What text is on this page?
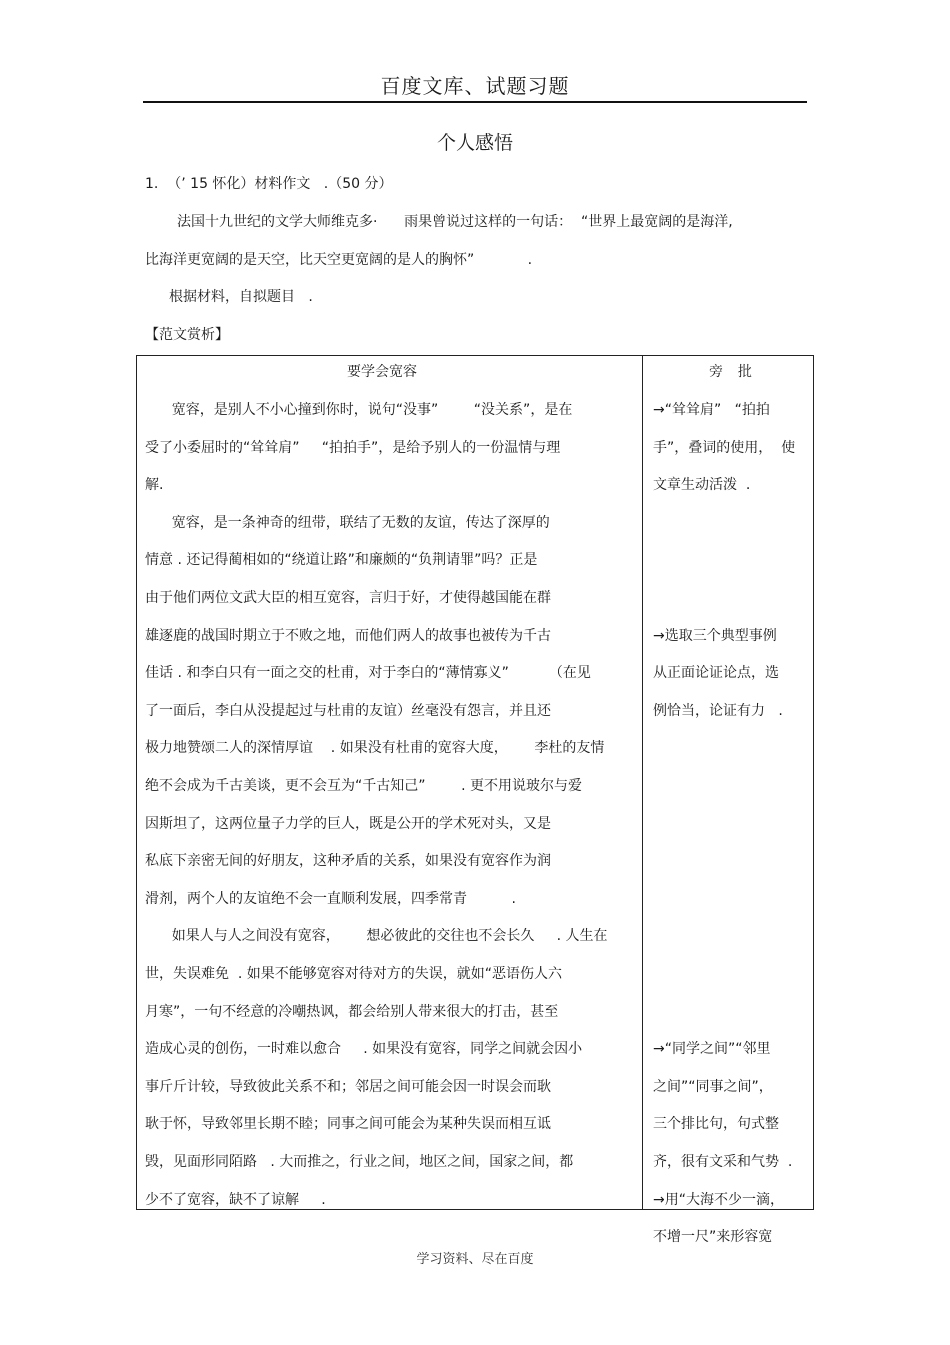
百度文库、试题习题
个人感悟
1.  （’ 15 怀化）材料作文   .（50 分）
法国十九世纪的文学大师维克多·      雨果曾说过这样的一句话：  “世界上最宽阔的是海洋,
比海洋更宽阔的是天空，比天空更宽阔的是人的胸怀”            .
根据材料，自拟题目   .
【范文赏析】
要学会宽容
宽容，是别人不小心撞到你时，说句“没事”        “没关系”，是在
受了小委屈时的“耸耸肩”     “拍拍手”，是给予别人的一份温情与理
解.
宽容，是一条神奇的纽带，联结了无数的友谊，传达了深厚的
情意 . 还记得蔺相如的“绕道让路”和廉颇的“负荆请罪”吗？正是
由于他们两位文武大臣的相互宽容，言归于好，才使得越国能在群
雄逐鹿的战国时期立于不败之地，而他们两人的故事也被传为千古
佳话 . 和李白只有一面之交的杜甫，对于李白的“薄情寡义”         （在见
了一面后，李白从没提起过与杜甫的友谊）丝毫没有怨言，并且还
极力地赞颂二人的深情厚谊    . 如果没有杜甫的宽容大度，      李杜的友情
绝不会成为千古美谈，更不会互为“千古知己”        . 更不用说玻尔与爱
因斯坦了，这两位量子力学的巨人，既是公开的学术死对头，又是
私底下亲密无间的好朋友，这种矛盾的关系，如果没有宽容作为润
滑剂，两个人的友谊绝不会一直顺利发展，四季常青          .
如果人与人之间没有宽容，      想必彼此的交往也不会长久     . 人生在
世，失误难免  . 如果不能够宽容对待对方的失误，就如“恶语伤人六
月寒”，一句不经意的冷嘲热讽，都会给别人带来很大的打击，甚至
造成心灵的创伤，一时难以愈合     . 如果没有宽容，同学之间就会因小
事斤斤计较，导致彼此关系不和；邻居之间可能会因一时误会而耿
耿于怀，导致邻里长期不睦；同事之间可能会为某种失误而相互诋
毁，见面形同陌路   . 大而推之，行业之间，地区之间，国家之间，都
少不了宽容，缺不了谅解     .
旁  批
→“耸耸肩”   “拍拍
手”，叠词的使用，  使
文章生动活泼  .
→选取三个典型事例
从正面论证论点，选
例恰当，论证有力   .
→“同学之间”“邻里
之间”“同事之间”，
三个排比句，句式整
齐，很有文采和气势  .
→用“大海不少一滴，
不增一尺”来形容宽
学习资料、尽在百度
